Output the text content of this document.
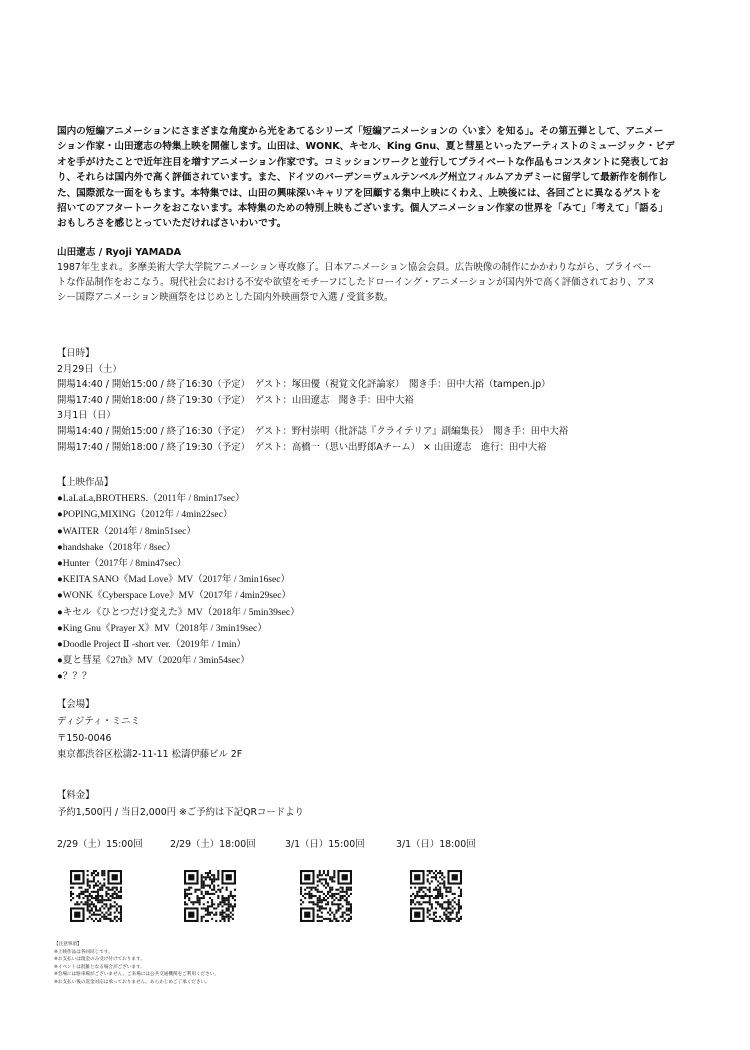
国内の短編アニメーションにさまざまな角度から光をあてるシリーズ「短編アニメーションの〈いま〉を知る」。その第五弾として、アニメー

ション作家・山田遼志の特集上映を開催します。山田は、WONK、キセル、King Gnu、夏と彗星といったアーティストのミュージック・ビデ

オを手がけたことで近年注目を増すアニメーション作家です。コミッションワークと並行してプライベートな作品もコンスタントに発表してお

り、それらは国内外で高く評価されています。また、ドイツのバーデン＝ヴュルテンベルグ州立フィルムアカデミーに留学して最新作を制作し

た、国際派な一面をもちます。本特集では、山田の興味深いキャリアを回顧する集中上映にくわえ、上映後には、各回ごとに異なるゲストを

招いてのアフタートークをおこないます。本特集のための特別上映もございます。個人アニメーション作家の世界を「みて」「考えて」「語る」

おもしろさを感じとっていただければさいわいです。

山田遼志 / Ryoji YAMADA

1987年生まれ。多摩美術大学大学院アニメーション専攻修了。日本アニメーション協会会員。広告映像の制作にかかわりながら、プライベー

トな作品制作をおこなう。現代社会における不安や欲望をモチーフにしたドローイング・アニメーションが国内外で高く評価されており、アヌ

シー国際アニメーション映画祭をはじめとした国内外映画祭で入選 / 受賞多数。

【日時】

2月29日（土）

開場14:40 / 開始15:00 / 終了16:30（予定）　ゲスト：塚田優（視覚文化評論家）　聞き手：田中大裕（tampen.jp）

開場17:40 / 開始18:00 / 終了19:30（予定）　ゲスト：山田遼志　聞き手：田中大裕

3月1日（日）

開場14:40 / 開始15:00 / 終了16:30（予定）　ゲスト：野村崇明（批評誌『クライテリア』副編集長）　聞き手：田中大裕

開場17:40 / 開始18:00 / 終了19:30（予定）　ゲスト：高橋一（思い出野郎Aチーム） × 山田遼志　進行：田中大裕

【上映作品】

●LaLaLa,BROTHERS.（2011年 / 8min17sec）

●POPING,MIXING（2012年 / 4min22sec）

●WAITER（2014年 / 8min51sec）

●handshake（2018年 / 8sec）

●Hunter（2017年 / 8min47sec）

●KEITA SANO《Mad Love》MV（2017年 / 3min16sec）

●WONK《Cyberspace Love》MV（2017年 / 4min29sec）

●キセル《ひとつだけ変えた》MV（2018年 / 5min39sec）

●King Gnu《Prayer X》MV（2018年 / 3min19sec）

●Doodle Project Ⅱ -short ver.（2019年 / 1min）

●夏と彗星《27th》MV（2020年 / 3min54sec）

●？？？

【会場】

ディジティ・ミニミ

〒150-0046

東京都渋谷区松濤2-11-11 松濤伊藤ビル 2F

【料金】

予約1,500円 / 当日2,000円 ※ご予約は下記QRコードより

2/29（土）15:00回	2/29（土）18:00回	3/1（日）15:00回	3/1（日）18:00回

【注意事項】

※上映作品は各回同じです。

※お支払いは現金のみ受け付けております。

※イベントは混雑となる場合がございます。

※会場には駐車場がございません。ご来場には公共交通機関をご利用ください。

※お支払い後の返金対応は承っておりません。あらかじめご了承ください。
